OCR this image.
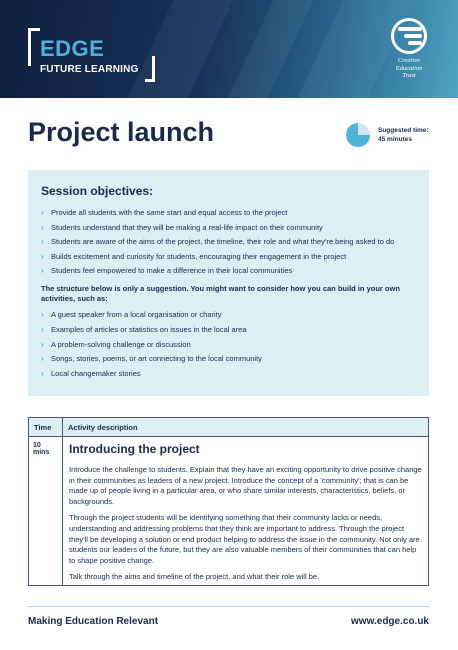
EDGE
FUTURE LEARNING
Creative
Education
Trust
Project launch	Suggested time:
45 minutes
Session objectives:
› Provide all students with the same start and equal access to the project
› Students understand that they will be making a real-life impact on their community
› Students are aware of the aims of the project, the timeline, their role and what they're being asked to do
› Builds excitement and curiosity for students, encouraging their engagement in the project
› Students feel empowered to make a difference in their local communities

The structure below is only a suggestion. You might want to consider how you can build in your own activities, such as:

› A guest speaker from a local organisation or charity
› Examples of articles or statistics on issues in the local area
› A problem-solving challenge or discussion
› Songs, stories, poems, or art connecting to the local community
› Local changemaker stories
Time	Activity description
10 mins	Introducing the project

Introduce the challenge to students. Explain that they have an exciting opportunity to drive positive change in their communities as leaders of a new project. Introduce the concept of a 'community'; that is can be made up of people living in a particular area, or who share similar interests, characteristics, beliefs, or backgrounds.

Through the project students will be identifying something that their community lacks or needs, understanding and addressing problems that they think are important to address. Through the project they'll be developing a solution or end product helping to address the issue in the community. Not only are students our leaders of the future, but they are also valuable members of their communities that can help to shape positive change.

Talk through the aims and timeline of the project, and what their role will be.

Making Education Relevant	www.edge.co.uk
